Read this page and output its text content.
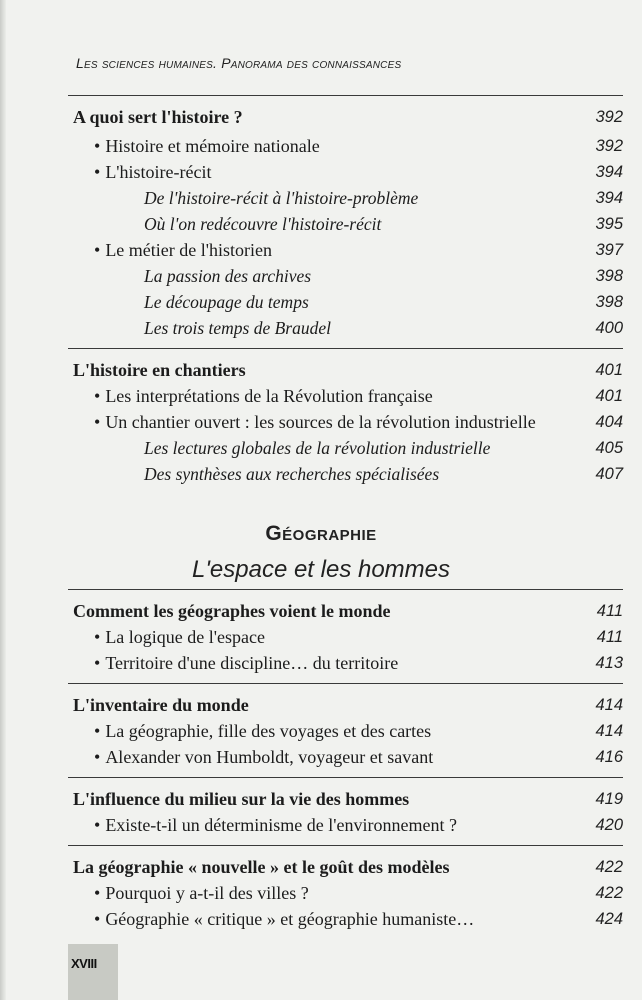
Les sciences humaines. Panorama des connaissances
A quoi sert l'histoire ?	392
• Histoire et mémoire nationale	392
• L'histoire-récit	394
De l'histoire-récit à l'histoire-problème	394
Où l'on redécouvre l'histoire-récit	395
• Le métier de l'historien	397
La passion des archives	398
Le découpage du temps	398
Les trois temps de Braudel	400
L'histoire en chantiers	401
• Les interprétations de la Révolution française	401
• Un chantier ouvert : les sources de la révolution industrielle	404
Les lectures globales de la révolution industrielle	405
Des synthèses aux recherches spécialisées	407
Comment les géographes voient le monde	411
• La logique de l'espace	411
• Territoire d'une discipline… du territoire	413
L'inventaire du monde	414
• La géographie, fille des voyages et des cartes	414
• Alexander von Humboldt, voyageur et savant	416
L'influence du milieu sur la vie des hommes	419
• Existe-t-il un déterminisme de l'environnement ?	420
La géographie « nouvelle » et le goût des modèles	422
• Pourquoi y a-t-il des villes ?	422
• Géographie « critique » et géographie humaniste…	424
Géographie
L'espace et les hommes
XVIII
